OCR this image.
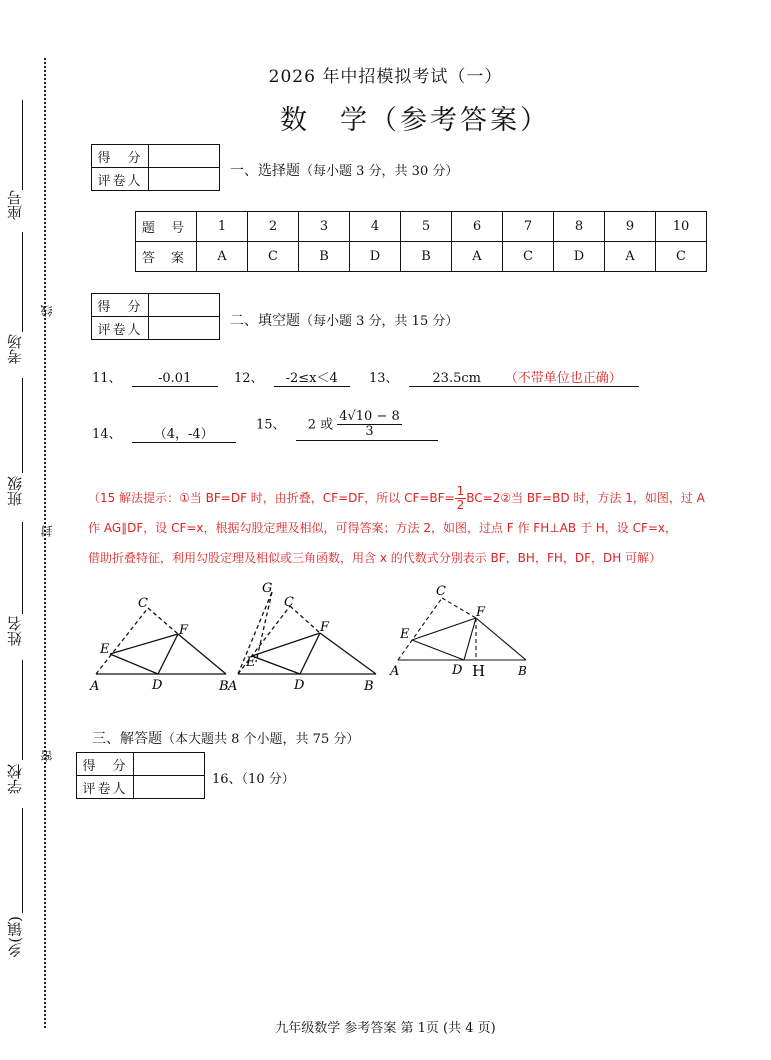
座号
考场
班级
姓名
学校
乡(镇)
线
封
密
2026 年中招模拟考试（一）
数　学（参考答案）
得　分	
评卷人	
一、选择题（每小题 3 分，共 30 分）
题 号	1	2	3	4	5	6	7	8	9	10
答 案	A	C	B	D	B	A	C	D	A	C
得　分	
评卷人	
二、填空题（每小题 3 分，共 15 分）
11、	-0.01	12、 -2≤x＜4	13、	23.5cm （不带单位也正确）
14、 （4，-4）
15、 2 或 $\frac{4√10 - 8}{3}$
（15 解法提示：①当 BF=DF 时，由折叠，CF=DF，所以 $CF=BF= \frac{1}{2}$ BC=2②当 BF=BD 时，方法 1，如图，过 A
作 AG∥DF，设 CF=x，根据勾股定理及相似，可得答案；方法 2，如图，过点 F 作 FH⊥AB 于 H，设 CF=x，
借助折叠特征，利用勾股定理及相似或三角函数，用含 x 的代数式分别表示 BF，BH，FH，DF，DH 可解）
C
F
E
A	D	B
G
C
F
E
A	D	B
C
F
E
A	D H	B
三、解答题（本大题共 8 个小题，共 75 分）
得　分	
评卷人	
16、（10 分）
九年级数学 参考答案 第 1页 (共 4 页)
